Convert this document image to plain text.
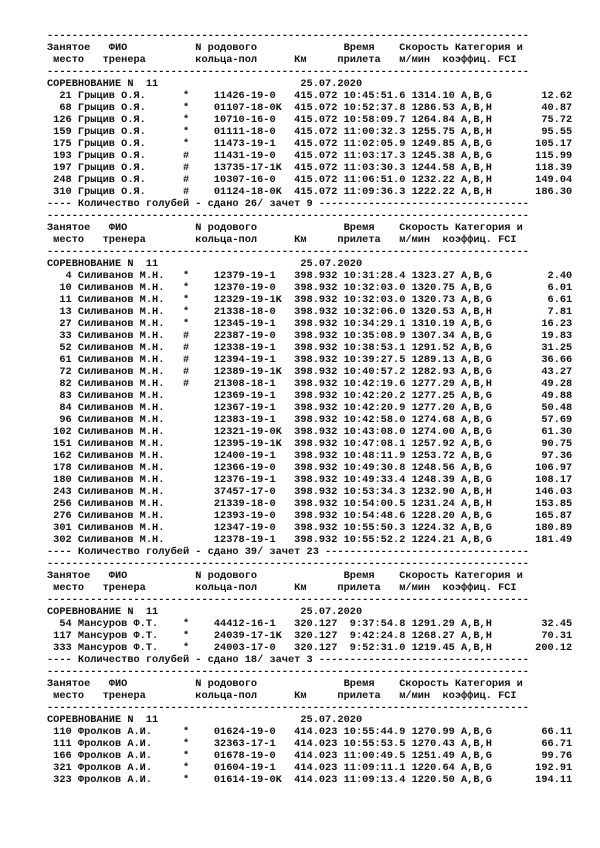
------------------------------------------------------------------------------
Занятое   ФИО           N родового              Время    Скорость Категория и
место   тренера        кольца-пол      Км     прилета   м/мин  коэффиц. FCI
------------------------------------------------------------------------------
СОРЕВНОВАНИЕ N  11                       25.07.2020
21 Грыцив О.Я.      *    11426-19-0   415.072 10:45:51.6 1314.10 A,B,G        12.62
68 Грыцив О.Я.      *    01107-18-0K  415.072 10:52:37.8 1286.53 A,B,H        40.87
126 Грыцив О.Я.      *    10710-16-0   415.072 10:58:09.7 1264.84 A,B,H        75.72
159 Грыцив О.Я.      *    01111-18-0   415.072 11:00:32.3 1255.75 A,B,H        95.55
175 Грыцив О.Я.      *    11473-19-1   415.072 11:02:05.9 1249.85 A,B,G       105.17
193 Грыцив О.Я.      #    11431-19-0   415.072 11:03:17.3 1245.38 A,B,G       115.99
197 Грыцив О.Я.      #    13735-17-1K  415.072 11:03:30.3 1244.58 A,B,H       118.39
248 Грыцив О.Я.      #    10307-16-0   415.072 11:06:51.0 1232.22 A,B,H       149.04
310 Грыцив О.Я.      #    01124-18-0K  415.072 11:09:36.3 1222.22 A,B,H       186.30
---- Количество голубей - сдано 26/ зачет 9 ----------------------------------
------------------------------------------------------------------------------
Занятое   ФИО           N родового              Время    Скорость Категория и
место   тренера        кольца-пол      Км     прилета   м/мин  коэффиц. FCI
------------------------------------------------------------------------------
СОРЕВНОВАНИЕ N  11                       25.07.2020
4 Силиванов М.Н.   *    12379-19-1   398.932 10:31:28.4 1323.27 A,B,G         2.40
10 Силиванов М.Н.   *    12370-19-0   398.932 10:32:03.0 1320.75 A,B,G         6.01
11 Силиванов М.Н.   *    12329-19-1K  398.932 10:32:03.0 1320.73 A,B,G         6.61
13 Силиванов М.Н.   *    21338-18-0   398.932 10:32:06.0 1320.53 A,B,H         7.81
27 Силиванов М.Н.   *    12345-19-1   398.932 10:34:29.1 1310.19 A,B,G        16.23
33 Силиванов М.Н.   #    22387-19-0   398.932 10:35:08.9 1307.34 A,B,G        19.83
52 Силиванов М.Н.   #    12338-19-1   398.932 10:38:53.1 1291.52 A,B,G        31.25
61 Силиванов М.Н.   #    12394-19-1   398.932 10:39:27.5 1289.13 A,B,G        36.66
72 Силиванов М.Н.   #    12389-19-1K  398.932 10:40:57.2 1282.93 A,B,G        43.27
82 Силиванов М.Н.   #    21308-18-1   398.932 10:42:19.6 1277.29 A,B,H        49.28
83 Силиванов М.Н.        12369-19-1   398.932 10:42:20.2 1277.25 A,B,G        49.88
84 Силиванов М.Н.        12367-19-1   398.932 10:42:20.9 1277.20 A,B,G        50.48
96 Силиванов М.Н.        12383-19-1   398.932 10:42:58.0 1274.68 A,B,G        57.69
102 Силиванов М.Н.        12321-19-0K  398.932 10:43:08.0 1274.00 A,B,G        61.30
151 Силиванов М.Н.        12395-19-1K  398.932 10:47:08.1 1257.92 A,B,G        90.75
162 Силиванов М.Н.        12400-19-1   398.932 10:48:11.9 1253.72 A,B,G        97.36
178 Силиванов М.Н.        12366-19-0   398.932 10:49:30.8 1248.56 A,B,G       106.97
180 Силиванов М.Н.        12376-19-1   398.932 10:49:33.4 1248.39 A,B,G       108.17
243 Силиванов М.Н.        37457-17-0   398.932 10:53:34.3 1232.90 A,B,H       146.03
256 Силиванов М.Н.        21339-18-0   398.932 10:54:00.5 1231.24 A,B,H       153.85
276 Силиванов М.Н.        12393-19-0   398.932 10:54:48.6 1228.20 A,B,G       165.87
301 Силиванов М.Н.        12347-19-0   398.932 10:55:50.3 1224.32 A,B,G       180.89
302 Силиванов М.Н.        12378-19-1   398.932 10:55:52.2 1224.21 A,B,G       181.49
---- Количество голубей - сдано 39/ зачет 23 ---------------------------------
------------------------------------------------------------------------------
Занятое   ФИО           N родового              Время    Скорость Категория и
место   тренера        кольца-пол      Км     прилета   м/мин  коэффиц. FCI
------------------------------------------------------------------------------
СОРЕВНОВАНИЕ N  11                       25.07.2020
54 Мансуров Ф.Т.    *    44412-16-1   320.127  9:37:54.8 1291.29 A,B,H        32.45
117 Мансуров Ф.Т.    *    24039-17-1K  320.127  9:42:24.8 1268.27 A,B,H        70.31
333 Мансуров Ф.Т.    *    24003-17-0   320.127  9:52:31.0 1219.45 A,B,H       200.12
---- Количество голубей - сдано 18/ зачет 3 ----------------------------------
------------------------------------------------------------------------------
Занятое   ФИО           N родового              Время    Скорость Категория и
место   тренера        кольца-пол      Км     прилета   м/мин  коэффиц. FCI
------------------------------------------------------------------------------
СОРЕВНОВАНИЕ N  11                       25.07.2020
110 Фролков А.И.     *    01624-19-0   414.023 10:55:44.9 1270.99 A,B,G        66.11
111 Фролков А.И.     *    32363-17-1   414.023 10:55:53.5 1270.43 A,B,H        66.71
166 Фролков А.И.     *    01678-19-0   414.023 11:00:49.5 1251.49 A,B,G        99.76
321 Фролков А.И.     *    01604-19-1   414.023 11:09:11.1 1220.64 A,B,G       192.91
323 Фролков А.И.     *    01614-19-0K  414.023 11:09:13.4 1220.50 A,B,G       194.11
